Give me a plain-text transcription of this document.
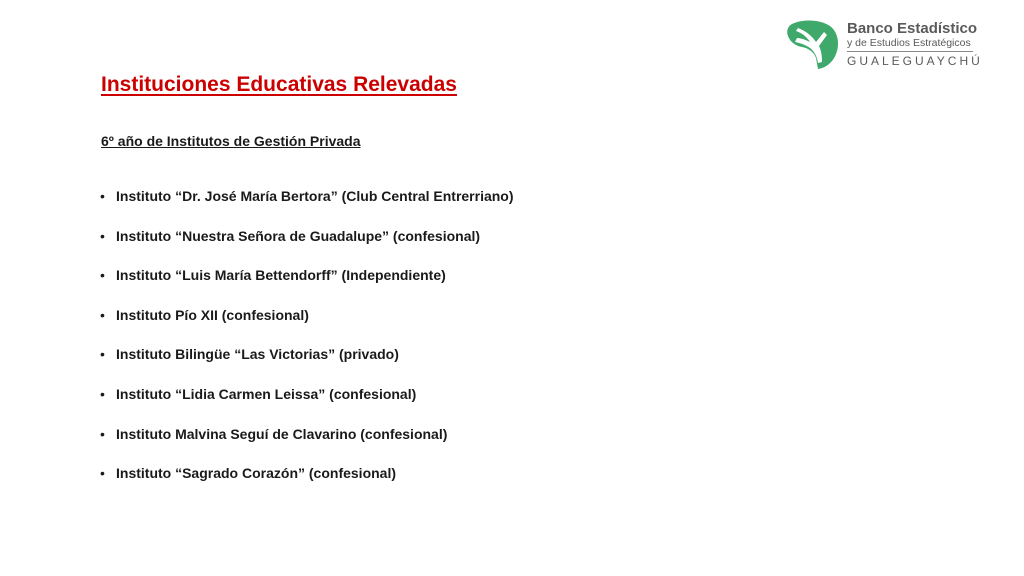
Banco Estadístico
y de Estudios Estratégicos
GUALEGUAYCHÚ
Instituciones Educativas Relevadas
6º año de Institutos de Gestión Privada
• Instituto “Dr. José María Bertora” (Club Central Entrerriano)
• Instituto “Nuestra Señora de Guadalupe” (confesional)
• Instituto “Luis María Bettendorff” (Independiente)
• Instituto Pío XII (confesional)
• Instituto Bilingüe “Las Victorias” (privado)
• Instituto “Lidia Carmen Leissa” (confesional)
• Instituto Malvina Seguí de Clavarino (confesional)
• Instituto “Sagrado Corazón” (confesional)
